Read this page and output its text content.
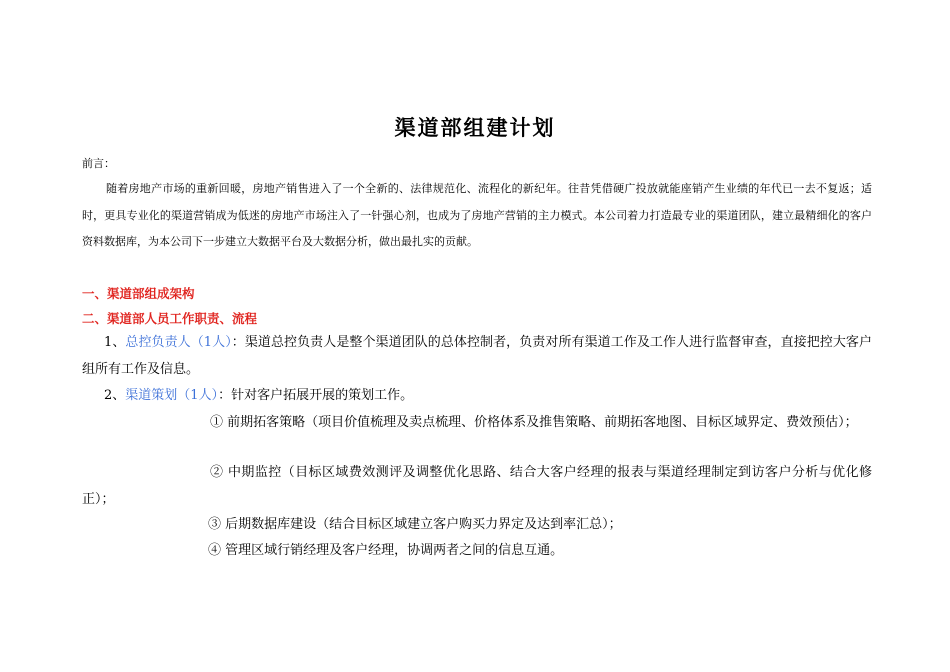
渠道部组建计划
前言：
随着房地产市场的重新回暖，房地产销售进入了一个全新的、法律规范化、流程化的新纪年。往昔凭借硬广投放就能座销产生业绩的年代已一去不复返；适时，更具专业化的渠道营销成为低迷的房地产市场注入了一针强心剂，也成为了房地产营销的主力模式。本公司着力打造最专业的渠道团队，建立最精细化的客户资料数据库，为本公司下一步建立大数据平台及大数据分析，做出最扎实的贡献。
一、渠道部组成架构
二、渠道部人员工作职责、流程
1、总控负责人（1人）：渠道总控负责人是整个渠道团队的总体控制者，负责对所有渠道工作及工作人进行监督审查，直接把控大客户组所有工作及信息。
2、渠道策划（1人）：针对客户拓展开展的策划工作。
① 前期拓客策略（项目价值梳理及卖点梳理、价格体系及推售策略、前期拓客地图、目标区域界定、费效预估）；
② 中期监控（目标区域费效测评及调整优化思路、结合大客户经理的报表与渠道经理制定到访客户分析与优化修正）；
③ 后期数据库建设（结合目标区域建立客户购买力界定及达到率汇总）；
④ 管理区域行销经理及客户经理，协调两者之间的信息互通。
